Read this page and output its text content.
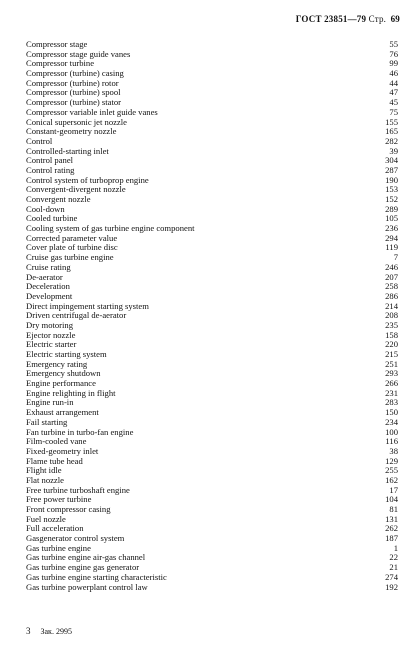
ГОСТ 23851—79 Стр. 69
Compressor stage	55
Compressor stage guide vanes	76
Compressor turbine	99
Compressor (turbine) casing	46
Compressor (turbine) rotor	44
Compressor (turbine) spool	47
Compressor (turbine) stator	45
Compressor variable inlet guide vanes	75
Conical supersonic jet nozzle	155
Constant-geometry nozzle	165
Control	282
Controlled-starting inlet	39
Control panel	304
Control rating	287
Control system of turboprop engine	190
Convergent-divergent nozzle	153
Convergent nozzle	152
Cool-down	289
Cooled turbine	105
Cooling system of gas turbine engine component	236
Corrected parameter value	294
Cover plate of turbine disc	119
Cruise gas turbine engine	7
Cruise rating	246
De-aerator	207
Deceleration	258
Development	286
Direct impingement starting system	214
Driven centrifugal de-aerator	208
Dry motoring	235
Ejector nozzle	158
Electric starter	220
Electric starting system	215
Emergency rating	251
Emergency shutdown	293
Engine performance	266
Engine relighting in flight	231
Engine run-in	283
Exhaust arrangement	150
Fail starting	234
Fan turbine in turbo-fan engine	100
Film-cooled vane	116
Fixed-geometry inlet	38
Flame tube head	129
Flight idle	255
Flat nozzle	162
Free turbine turboshaft engine	17
Free power turbine	104
Front compressor casing	81
Fuel nozzle	131
Full acceleration	262
Gasgenerator control system	187
Gas turbine engine	1
Gas turbine engine air-gas channel	22
Gas turbine engine gas generator	21
Gas turbine engine starting characteristic	274
Gas turbine powerplant control law	192
3 Зак. 2995
